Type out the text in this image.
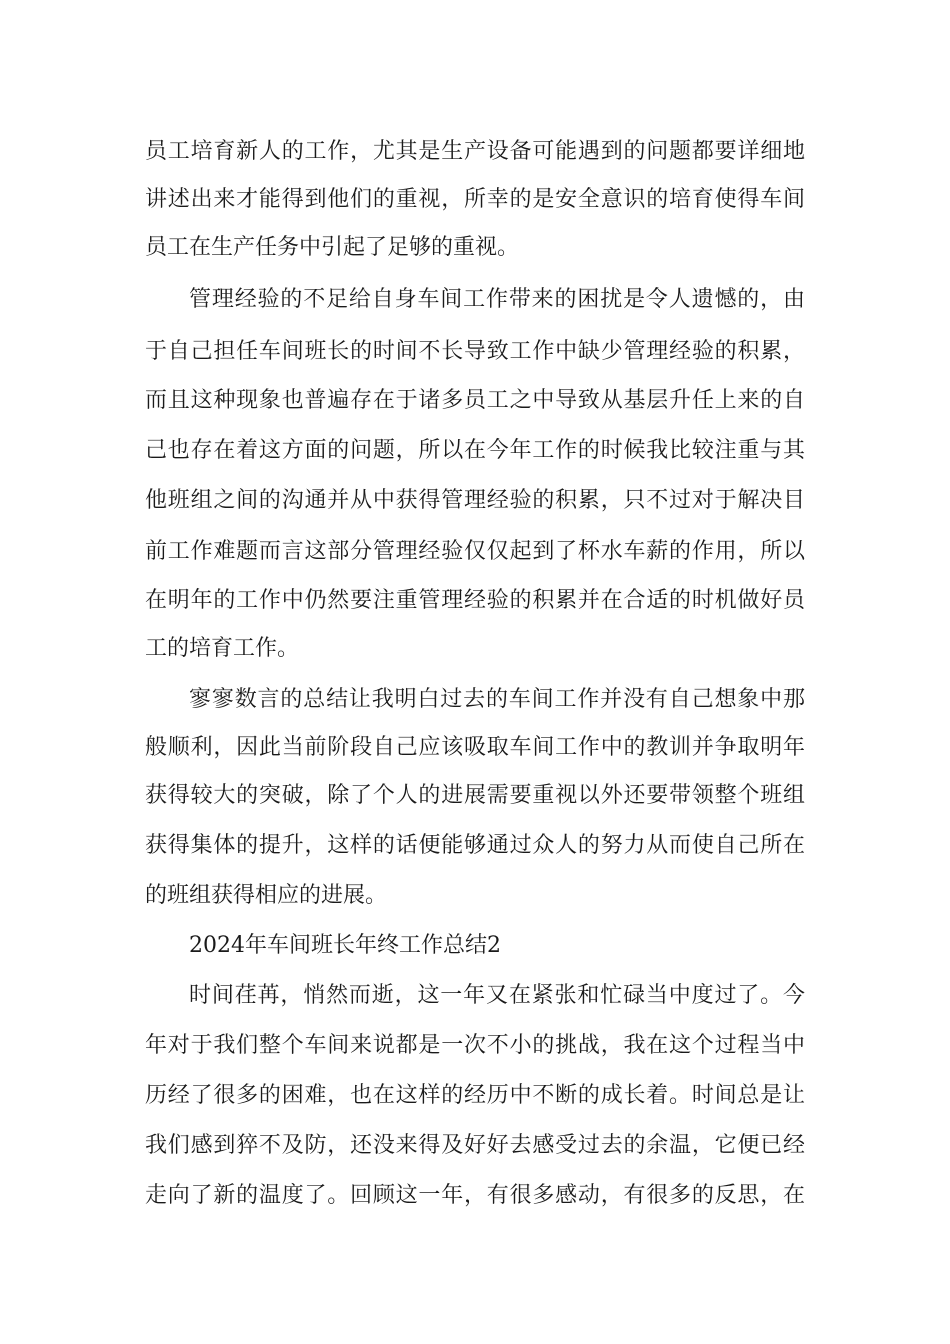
员工培育新人的工作，尤其是生产设备可能遇到的问题都要详细地
讲述出来才能得到他们的重视，所幸的是安全意识的培育使得车间
员工在生产任务中引起了足够的重视。
管理经验的不足给自身车间工作带来的困扰是令人遗憾的，由
于自己担任车间班长的时间不长导致工作中缺少管理经验的积累，
而且这种现象也普遍存在于诸多员工之中导致从基层升任上来的自
己也存在着这方面的问题，所以在今年工作的时候我比较注重与其
他班组之间的沟通并从中获得管理经验的积累，只不过对于解决目
前工作难题而言这部分管理经验仅仅起到了杯水车薪的作用，所以
在明年的工作中仍然要注重管理经验的积累并在合适的时机做好员
工的培育工作。
寥寥数言的总结让我明白过去的车间工作并没有自己想象中那
般顺利，因此当前阶段自己应该吸取车间工作中的教训并争取明年
获得较大的突破，除了个人的进展需要重视以外还要带领整个班组
获得集体的提升，这样的话便能够通过众人的努力从而使自己所在
的班组获得相应的进展。
2024年车间班长年终工作总结2
时间荏苒，悄然而逝，这一年又在紧张和忙碌当中度过了。今
年对于我们整个车间来说都是一次不小的挑战，我在这个过程当中
历经了很多的困难，也在这样的经历中不断的成长着。时间总是让
我们感到猝不及防，还没来得及好好去感受过去的余温，它便已经
走向了新的温度了。回顾这一年，有很多感动，有很多的反思，在
